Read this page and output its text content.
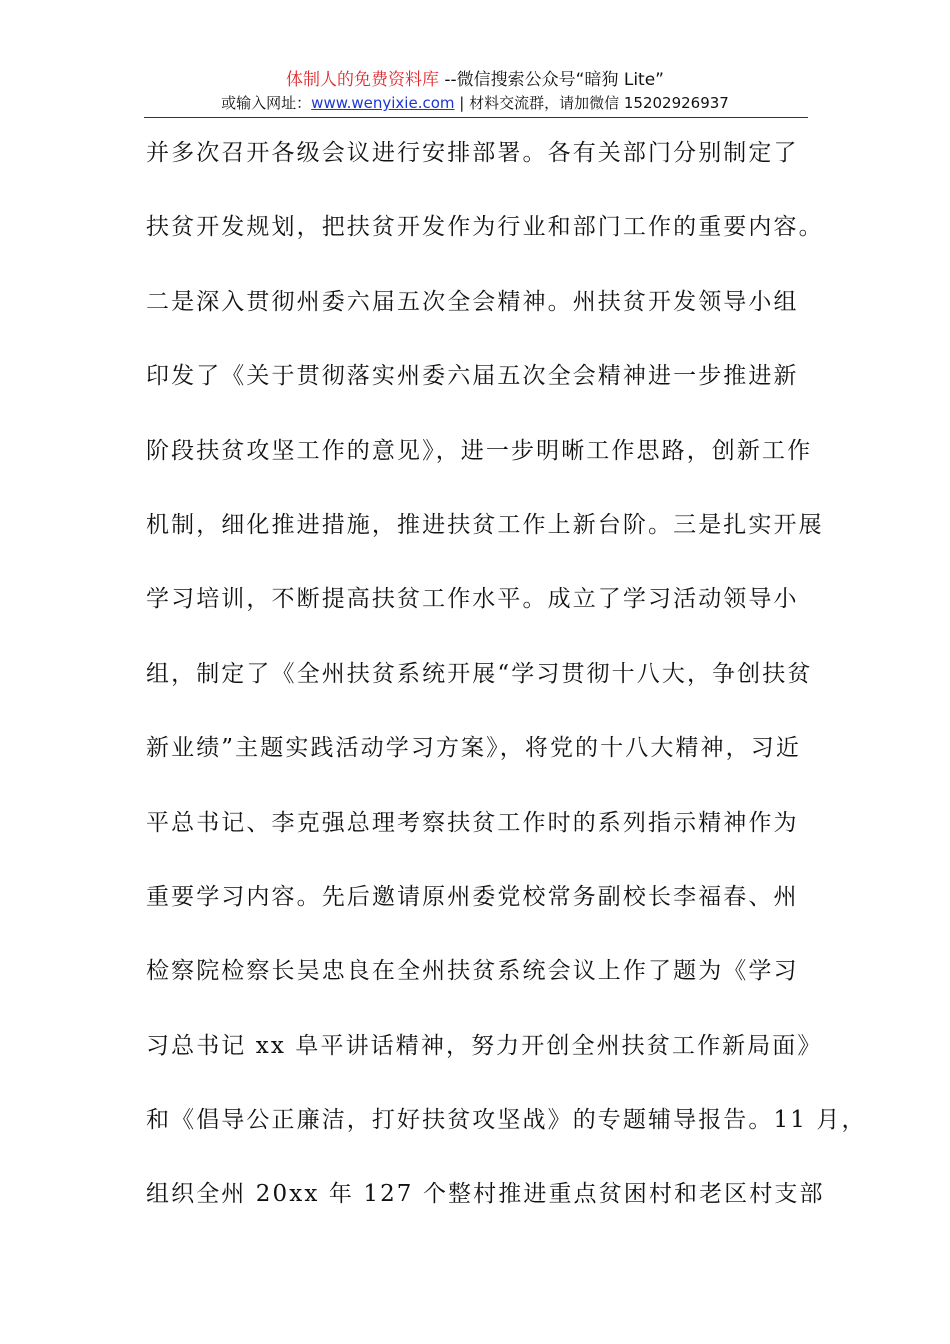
体制人的免费资料库 --微信搜索公众号“暗狗 Lite”
或输入网址：www.wenyixie.com | 材料交流群，请加微信 15202926937
并多次召开各级会议进行安排部署。各有关部门分别制定了
扶贫开发规划，把扶贫开发作为行业和部门工作的重要内容。
二是深入贯彻州委六届五次全会精神。州扶贫开发领导小组
印发了《关于贯彻落实州委六届五次全会精神进一步推进新
阶段扶贫攻坚工作的意见》，进一步明晰工作思路，创新工作
机制，细化推进措施，推进扶贫工作上新台阶。三是扎实开展
学习培训，不断提高扶贫工作水平。成立了学习活动领导小
组，制定了《全州扶贫系统开展“学习贯彻十八大，争创扶贫
新业绩”主题实践活动学习方案》，将党的十八大精神，习近
平总书记、李克强总理考察扶贫工作时的系列指示精神作为
重要学习内容。先后邀请原州委党校常务副校长李福春、州
检察院检察长吴忠良在全州扶贫系统会议上作了题为《学习
习总书记 xx 阜平讲话精神，努力开创全州扶贫工作新局面》
和《倡导公正廉洁，打好扶贫攻坚战》的专题辅导报告。11 月，
组织全州 20xx 年 127 个整村推进重点贫困村和老区村支部
